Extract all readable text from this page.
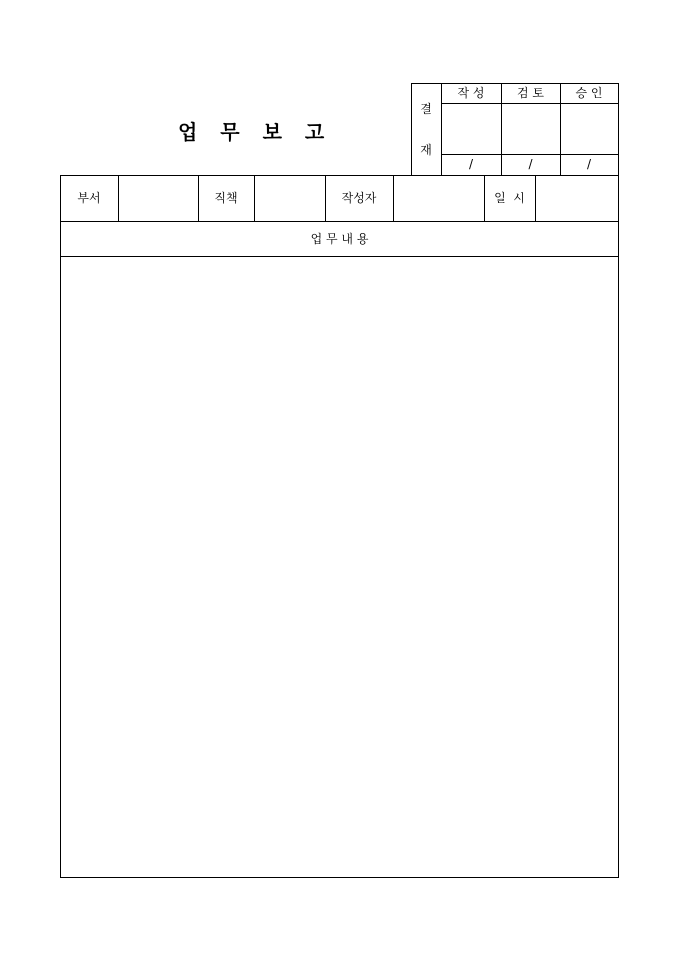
업 무 보 고
결
재
작 성	검 토	승 인
/	/	/
부서	직책	작성자	일  시
업 무 내 용
